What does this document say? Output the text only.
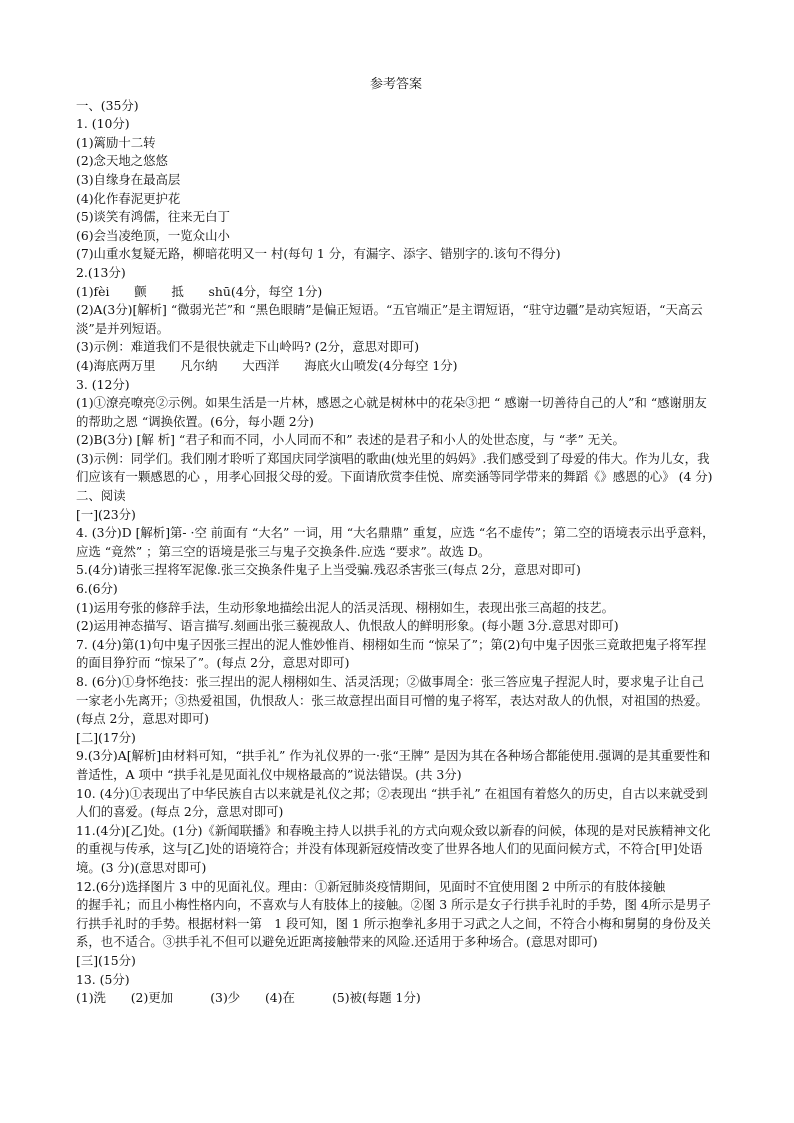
参考答案
一、(35分)
1. (10分)
(1)篱励十二转
(2)念天地之悠悠
(3)自缘身在最高层
(4)化作春泥更护花
(5)谈笑有鸿儒，往来无白丁
(6)会当凌绝顶，一览众山小
(7)山重水复疑无路，柳暗花明又一 村(每句 1 分，有漏字、添字、错别字的.该句不得分)
2.(13分)
(1)fèi　　颤　　抵　　shū(4分，每空 1分)
(2)A(3分)[解析] “微弱光芒”和 “黑色眼睛”是偏正短语。“五官端正”是主谓短语，“驻守边疆”是动宾短语，“天高云淡”是并列短语。
(3)示例：难道我们不是很快就走下山岭吗? (2分，意思对即可)
(4)海底两万里　　凡尔纳　　大西洋　　海底火山喷发(4分每空 1分)
3. (12分)
(1)①潦亮嘹亮②示例。如果生活是一片林，感恩之心就是树林中的花朵③把 “ 感谢一切善待自己的人”和 “感谢朋友的帮助之恩 “调换依置。(6分，每小题 2分)
(2)B(3分) [解 析] “君子和而不同，小人同而不和” 表述的是君子和小人的处世态度，与 “孝” 无关。
(3)示例：同学们。我们刚才聆听了郑国庆同学演唱的歌曲(烛光里的妈妈》.我们感受到了母爱的伟大。作为儿女，我们应该有一颗感恩的心 ，用孝心回报父母的爱。下面请欣赏李佳悦、席奕涵等同学带来的舞蹈《》感恩的心》 (4 分)
二、阅读
[一](23分)
4. (3分)D [解析]第- ·空 前面有 “大名” 一词，用 “大名鼎鼎” 重复，应选 “名不虚传”；第二空的语境表示出乎意料，应选 “竟然” ；第三空的语境是张三与鬼子交换条件.应选 “要求”。故选 D。
5.(4分)请张三捏将军泥像.张三交换条件鬼子上当受骗.残忍杀害张三(每点 2分，意思对即可)
6.(6分)
(1)运用夸张的修辞手法，生动形象地描绘出泥人的活灵活现、栩栩如生，表现出张三高超的技艺。
(2)运用神态描写、语言描写.刻画出张三藐视敌人、仇恨敌人的鲜明形象。(每小题 3分.意思对即可)
7. (4分)第(1)句中鬼子因张三捏出的泥人惟妙惟肖、栩栩如生而 “惊呆了”；第(2)句中鬼子因张三竟敢把鬼子将军捏的面目狰狞而 “惊呆了”。(每点 2分，意思对即可)
8. (6分)①身怀绝技：张三捏出的泥人栩栩如生、活灵活现；②做事周全：张三答应鬼子捏泥人时，要求鬼子让自己一家老小先离开；③热爱祖国，仇恨敌人：张三故意捏出面目可憎的鬼子将军，表达对敌人的仇恨，对祖国的热爱。(每点 2分，意思对即可)
[二](17分)
9.(3分)A[解析]由材料可知，“拱手礼” 作为礼仪界的一·张“王牌” 是因为其在各种场合都能使用.强调的是其重要性和普适性，A 项中 “拱手礼是见面礼仪中规格最高的”说法错误。(共 3分)
10. (4分)①表现出了中华民族自古以来就是礼仪之邦；②表现出 “拱手礼” 在祖国有着悠久的历史，自古以来就受到人们的喜爱。(每点 2分，意思对即可)
11.(4分)[乙]处。(1分)《新闻联播》和春晚主持人以拱手礼的方式向观众致以新春的问候，体现的是对民族精神文化的重视与传承，这与[乙]处的语境符合；并没有体现新冠疫情改变了世界各地人们的见面问候方式，不符合[甲]处语境。(3 分)(意思对即可)
12.(6分)选择图片 3 中的见面礼仪。理由：①新冠肺炎疫情期间，见面时不宜使用图 2 中所示的有肢体接触
的握手礼；而且小梅性格内向，不喜欢与人有肢体上的接触。②图 3 所示是女子行拱手礼时的手势，图 4所示是男子行拱手礼时的手势。根据材料一第　1 段可知，图 1 所示抱拳礼多用于习武之人之间，不符合小梅和舅舅的身份及关系，也不适合。③拱手礼不但可以避免近距离接触带来的风险.还适用于多种场合。(意思对即可)
[三](15分)
13. (5分)
(1)洗　　(2)更加　　　(3)少　　(4)在　　　(5)被(每题 1分)
